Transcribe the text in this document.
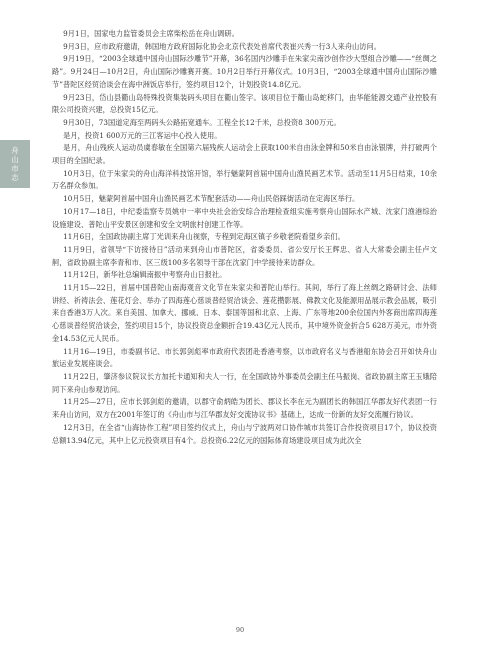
舟山市志

9月1日，国家电力监管委员会主席柴松岳在舟山调研。

9月3日，应市政府邀请，韩国地方政府国际化协会北京代表处首席代表崔兴秀一行3人来舟山访问。

9月19日，“2003全球通中国舟山国际沙雕节”开幕，36名国内沙雕手在朱家尖南沙创作沙大型组合沙雕——“丝绸之路”。9月24日—10月2日，舟山国际沙雕赛开赛。10月2日举行开幕仪式。10月3日，“2003全球通中国舟山国际沙雕节”普陀区经贸洽谈会在海中洲饭店举行，签约项目12个，计划投资14.8亿元。

9月23日，岱山县衢山岛特殊投资集装码头项目在衢山签字。该项目位于衢山岛蛇移门，由华能能源交通产业控股有限公司投资兴建，总投资15亿元。

9月30日，73国道定海至两码头公路拓宽通车。工程全长12千米，总投资8 300万元。

是月，投资1 600万元的三江客运中心投入使用。

是月，舟山残疾人运动员虞春敏在全国第六届残疾人运动会上获取100米自由泳金牌和50米自由泳银牌，并打破两个项目的全国纪录。

10月3日，位于朱家尖的舟山海洋科技馆开馆，举行魅蒙阿首届中国舟山渔民画艺术节。活动至11月5日结束，10余万名群众参加。

10月5日，魅蒙阿首届中国舟山渔民画艺术节配套活动——舟山民俗踩街活动在定海区举行。

10月17—18日，中纪委监察专员姚中一率中央社会治安综合治理检查组实施考察舟山国际水产城、沈家门渔港综治设施建设、普陀山平安景区创建和安全文明旅村创建工作等。

11月6日，全国政协副主席丁光训来舟山视察，专程到定海区镇子乡敬老院看望乡亲们。

11月9日，省领导“下访接待日”活动来到舟山市普陀区，省委委员、省公安厅长王辉忠、省人大常委会副主任卢文舸，省政协副主席李青和市、区三级100多名领导干部在沈家门中学接待来访群众。

11月12日，新华社总编辑南振中考察舟山日报社。

11月15—22日，首届中国普陀山南海观音文化节在朱家尖和普陀山举行。其间，举行了海上丝绸之路研讨会、法师讲经、祈祷法会、莲花灯会、举办了四海莲心慈谈普经贸洽谈会、莲花攒影展、佛教文化及能源用品展示教会品展，吸引来自香港3万人次。来自美国、加拿大、挪威、日本、泰国等国和北京、上海、广东等地200余位国内外客商出席四海莲心慈谈普经贸洽谈会，签约项目15个，协议投资总金额折合19.43亿元人民币，其中境外资金折合5 628万美元，市外资金14.53亿元人民币。

11月16—19日，市委副书记、市长郭剑彪率市政府代表团赴香港考察，以市政府名义与香港船东协会召开如快舟山旅运业发展座谈会。

11月22日，肇济参议院议长方加托卡通知和夫人一行，在全国政协外事委员会副主任马振岗、省政协副主席王玉娥陪同下来舟山参观访问。

11月25—27日，应市长郭剑彪的邀请，以郡守俞炳皓为团长、郡议长李在元为副团长的韩国江华郡友好代表团一行来舟山访问，双方在2001年签订的《舟山市与江华郡友好交流协议书》基础上，达成一份新的友好交流履行协议。

12月3日，在全省“山海协作工程”项目签约仪式上，舟山与宁波两对口协作城市共签订合作投资项目17个，协议投资总额13.94亿元，其中上亿元投资项目有4个。总投资6.22亿元的国际体育场建设项目成为此次全

90
